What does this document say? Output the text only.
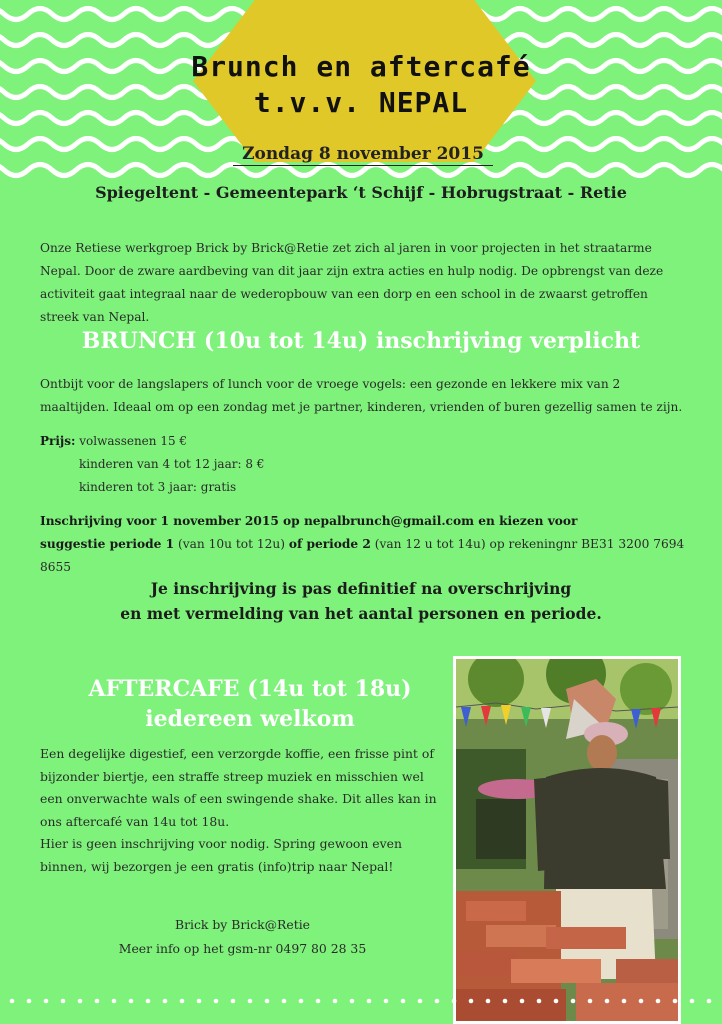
Brunch en aftercafé
t.v.v. NEPAL
Zondag 8 november 2015
Spiegeltent - Gemeentepark ‘t Schijf - Hobrugstraat - Retie
Onze Retiese werkgroep Brick by Brick@Retie zet zich al jaren in voor projecten in het straatarme Nepal. Door de zware aardbeving van dit jaar zijn extra acties en hulp nodig. De opbrengst van deze activiteit gaat integraal naar de wederopbouw van een dorp en een school in de zwaarst getroffen streek van Nepal.
BRUNCH (10u tot 14u) inschrijving verplicht
Ontbijt voor de langslapers of lunch voor de vroege vogels: een gezonde en lekkere mix van 2 maaltijden. Ideaal om op een zondag met je partner, kinderen, vrienden of buren gezellig samen te zijn.
Prijs: volwassenen 15 €
kinderen van 4 tot 12 jaar: 8 €
kinderen tot 3 jaar: gratis
Inschrijving voor 1 november 2015 op nepalbrunch@gmail.com en kiezen voor
suggestie periode 1 (van 10u tot 12u) of periode 2 (van 12 u tot 14u) op rekeningnr BE31 3200 7694 8655
Je inschrijving is pas definitief na overschrijving
en met vermelding van het aantal personen en periode.
AFTERCAFE (14u tot 18u)
iedereen welkom
Een degelijke digestief, een verzorgde koffie, een frisse pint of bijzonder biertje, een straffe streep muziek en misschien wel een onverwachte wals of een swingende shake. Dit alles kan in ons aftercafé van 14u tot 18u.
Hier is geen inschrijving voor nodig. Spring gewoon even binnen, wij bezorgen je een gratis (info)trip naar Nepal!
Brick by Brick@Retie
Meer info op het gsm-nr 0497 80 28 35
